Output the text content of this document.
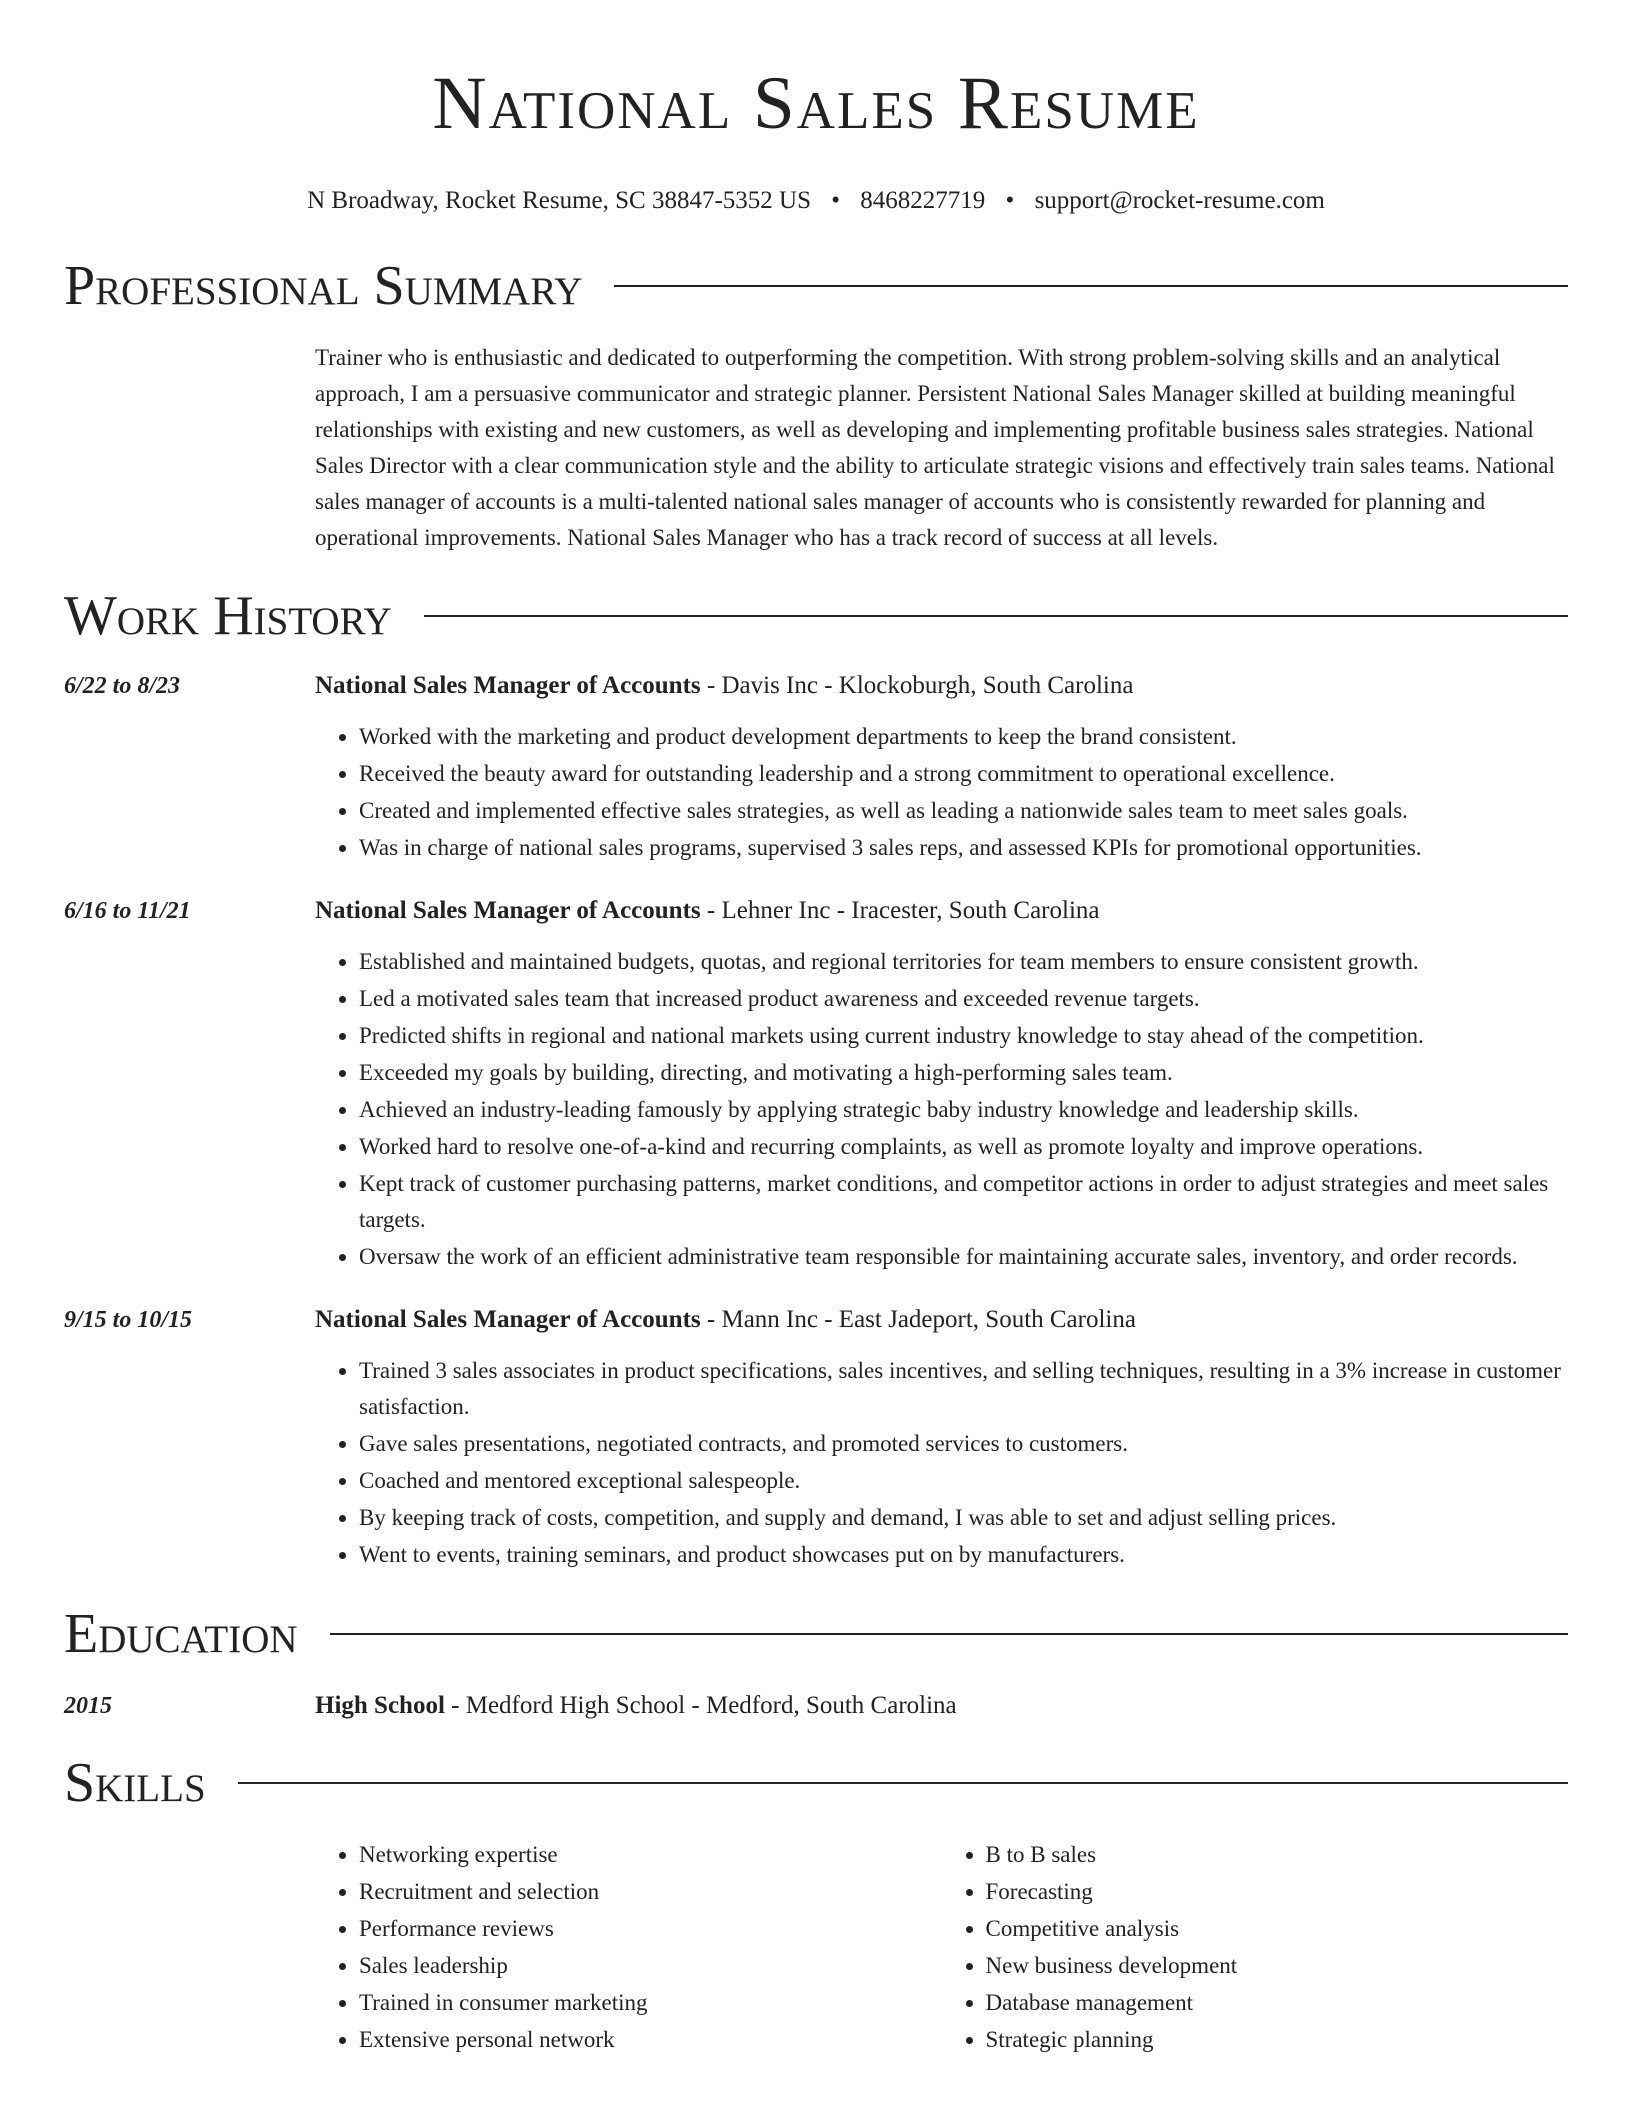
National Sales Resume
N Broadway, Rocket Resume, SC 38847-5352 US • 8468227719 • support@rocket-resume.com
Professional Summary
Trainer who is enthusiastic and dedicated to outperforming the competition. With strong problem-solving skills and an analytical approach, I am a persuasive communicator and strategic planner. Persistent National Sales Manager skilled at building meaningful relationships with existing and new customers, as well as developing and implementing profitable business sales strategies. National Sales Director with a clear communication style and the ability to articulate strategic visions and effectively train sales teams. National sales manager of accounts is a multi-talented national sales manager of accounts who is consistently rewarded for planning and operational improvements. National Sales Manager who has a track record of success at all levels.
Work History
6/22 to 8/23	National Sales Manager of Accounts - Davis Inc - Klockoburgh, South Carolina
• Worked with the marketing and product development departments to keep the brand consistent.
• Received the beauty award for outstanding leadership and a strong commitment to operational excellence.
• Created and implemented effective sales strategies, as well as leading a nationwide sales team to meet sales goals.
• Was in charge of national sales programs, supervised 3 sales reps, and assessed KPIs for promotional opportunities.
6/16 to 11/21	National Sales Manager of Accounts - Lehner Inc - Iracester, South Carolina
• Established and maintained budgets, quotas, and regional territories for team members to ensure consistent growth.
• Led a motivated sales team that increased product awareness and exceeded revenue targets.
• Predicted shifts in regional and national markets using current industry knowledge to stay ahead of the competition.
• Exceeded my goals by building, directing, and motivating a high-performing sales team.
• Achieved an industry-leading famously by applying strategic baby industry knowledge and leadership skills.
• Worked hard to resolve one-of-a-kind and recurring complaints, as well as promote loyalty and improve operations.
• Kept track of customer purchasing patterns, market conditions, and competitor actions in order to adjust strategies and meet sales targets.
• Oversaw the work of an efficient administrative team responsible for maintaining accurate sales, inventory, and order records.
9/15 to 10/15	National Sales Manager of Accounts - Mann Inc - East Jadeport, South Carolina
• Trained 3 sales associates in product specifications, sales incentives, and selling techniques, resulting in a 3% increase in customer satisfaction.
• Gave sales presentations, negotiated contracts, and promoted services to customers.
• Coached and mentored exceptional salespeople.
• By keeping track of costs, competition, and supply and demand, I was able to set and adjust selling prices.
• Went to events, training seminars, and product showcases put on by manufacturers.
Education
2015	High School - Medford High School - Medford, South Carolina
Skills
• Networking expertise
• Recruitment and selection
• Performance reviews
• Sales leadership
• Trained in consumer marketing
• Extensive personal network
• B to B sales
• Forecasting
• Competitive analysis
• New business development
• Database management
• Strategic planning
